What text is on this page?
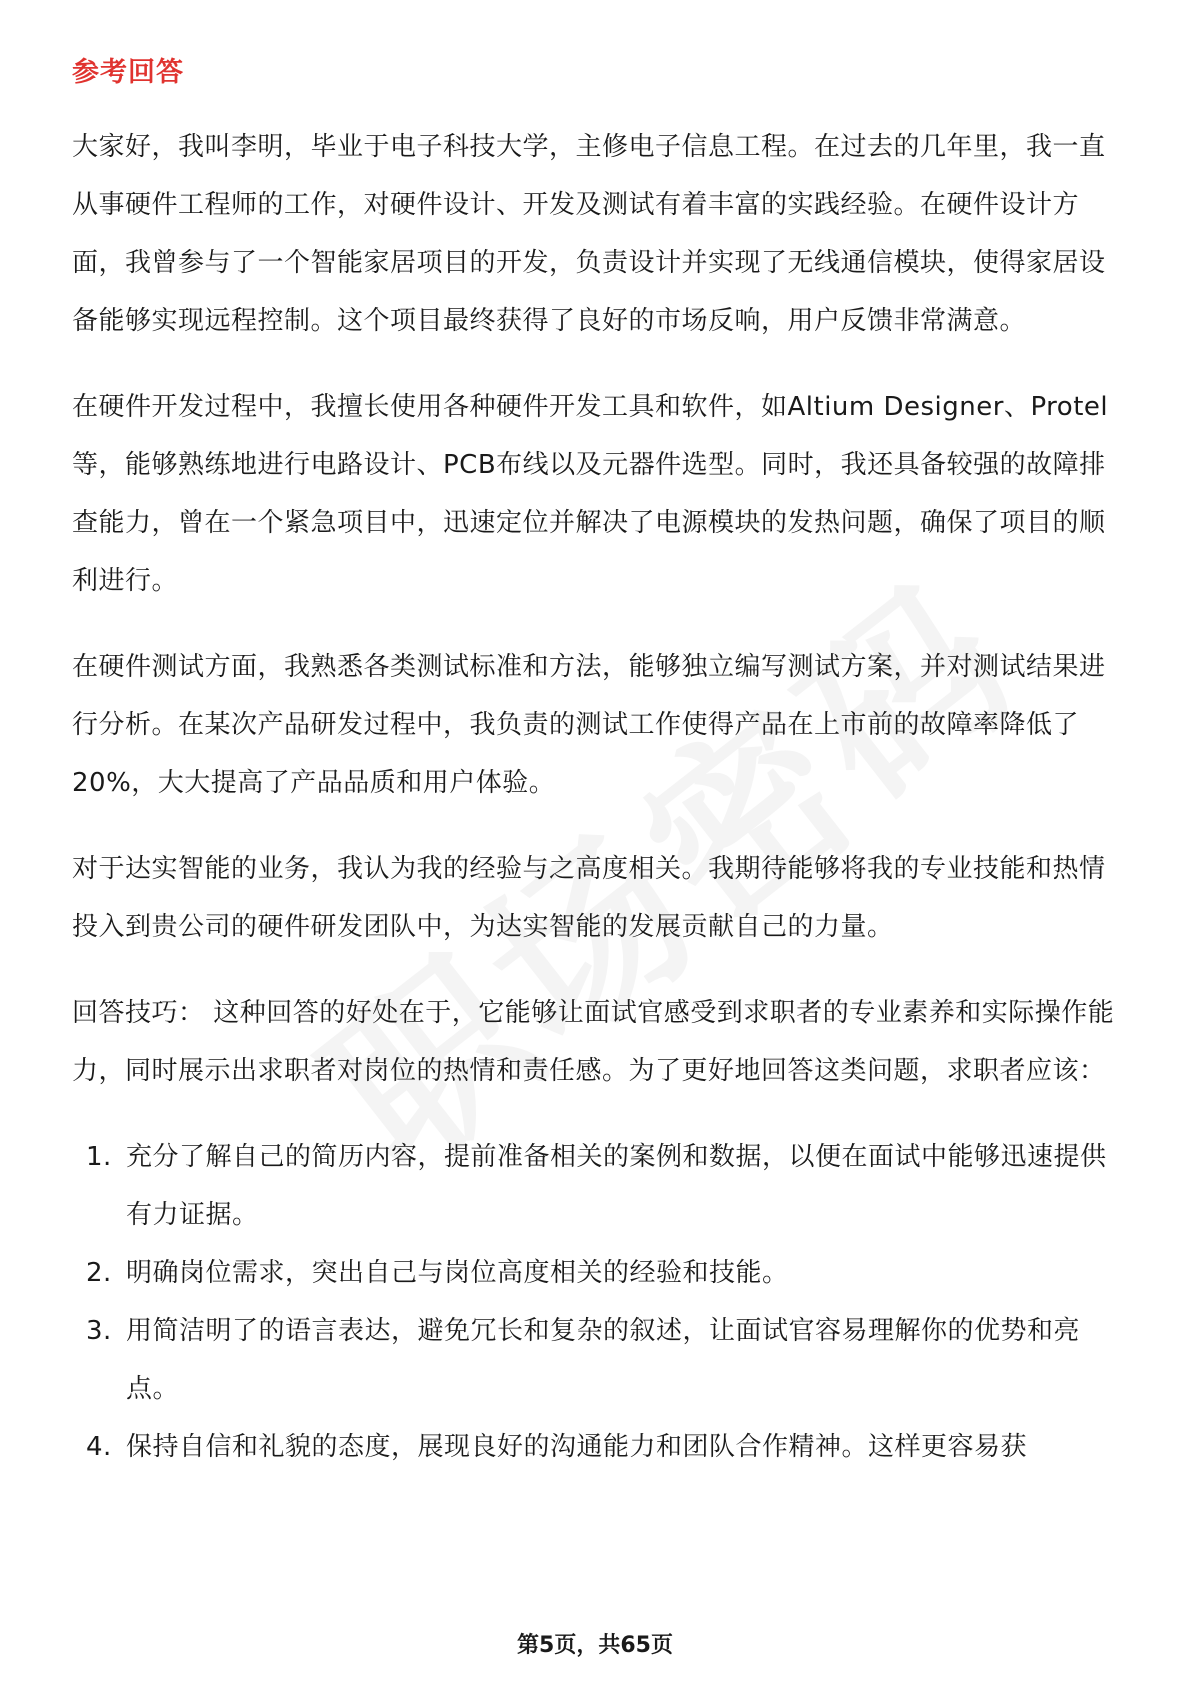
参考回答

大家好，我叫李明，毕业于电子科技大学，主修电子信息工程。在过去的几年里，我一直从事硬件工程师的工作，对硬件设计、开发及测试有着丰富的实践经验。在硬件设计方面，我曾参与了一个智能家居项目的开发，负责设计并实现了无线通信模块，使得家居设备能够实现远程控制。这个项目最终获得了良好的市场反响，用户反馈非常满意。

在硬件开发过程中，我擅长使用各种硬件开发工具和软件，如Altium Designer、Protel等，能够熟练地进行电路设计、PCB布线以及元器件选型。同时，我还具备较强的故障排查能力，曾在一个紧急项目中，迅速定位并解决了电源模块的发热问题，确保了项目的顺利进行。

在硬件测试方面，我熟悉各类测试标准和方法，能够独立编写测试方案，并对测试结果进行分析。在某次产品研发过程中，我负责的测试工作使得产品在上市前的故障率降低了20%，大大提高了产品品质和用户体验。

对于达实智能的业务，我认为我的经验与之高度相关。我期待能够将我的专业技能和热情投入到贵公司的硬件研发团队中，为达实智能的发展贡献自己的力量。

回答技巧： 这种回答的好处在于，它能够让面试官感受到求职者的专业素养和实际操作能力，同时展示出求职者对岗位的热情和责任感。为了更好地回答这类问题，求职者应该：

1. 充分了解自己的简历内容，提前准备相关的案例和数据，以便在面试中能够迅速提供有力证据。
2. 明确岗位需求，突出自己与岗位高度相关的经验和技能。
3. 用简洁明了的语言表达，避免冗长和复杂的叙述，让面试官容易理解你的优势和亮点。
4. 保持自信和礼貌的态度，展现良好的沟通能力和团队合作精神。这样更容易获
第5页，共65页
